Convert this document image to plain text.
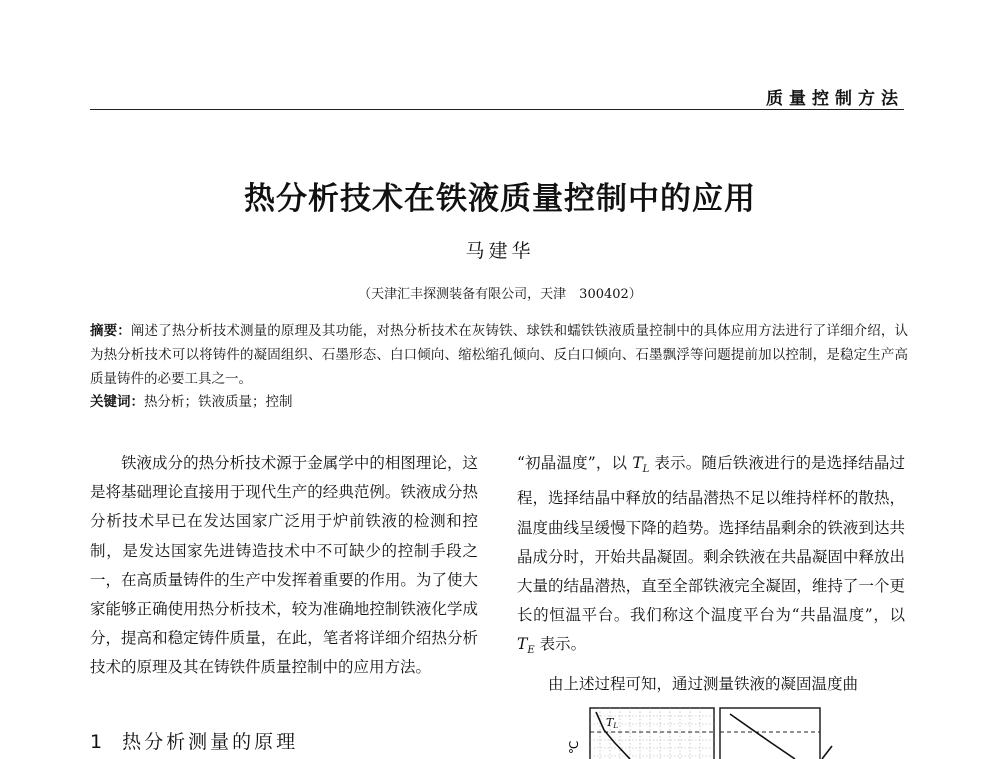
质量控制方法
热分析技术在铁液质量控制中的应用
马建华
（天津汇丰探测装备有限公司，天津　300402）
摘要：阐述了热分析技术测量的原理及其功能，对热分析技术在灰铸铁、球铁和蠕铁铁液质量控制中的具体应用方法进行了详细介绍，认为热分析技术可以将铸件的凝固组织、石墨形态、白口倾向、缩松缩孔倾向、反白口倾向、石墨飘浮等问题提前加以控制，是稳定生产高质量铸件的必要工具之一。
关键词：热分析；铁液质量；控制

铁液成分的热分析技术源于金属学中的相图理论，这是将基础理论直接用于现代生产的经典范例。铁液成分热分析技术早已在发达国家广泛用于炉前铁液的检测和控制，是发达国家先进铸造技术中不可缺少的控制手段之一，在高质量铸件的生产中发挥着重要的作用。为了使大家能够正确使用热分析技术，较为准确地控制铁液化学成分，提高和稳定铸件质量，在此，笔者将详细介绍热分析技术的原理及其在铸铁件质量控制中的应用方法。

“初晶温度”，以 $T_L$ 表示。随后铁液进行的是选择结晶过程，选择结晶中释放的结晶潜热不足以维持样杯的散热，温度曲线呈缓慢下降的趋势。选择结晶剩余的铁液到达共晶成分时，开始共晶凝固。剩余铁液在共晶凝固中释放出大量的结晶潜热，直至全部铁液完全凝固，维持了一个更长的恒温平台。我们称这个温度平台为“共晶温度”，以 $T_E$ 表示。

由上述过程可知，通过测量铁液的凝固温度曲

1 热分析测量的原理
TL
℃
